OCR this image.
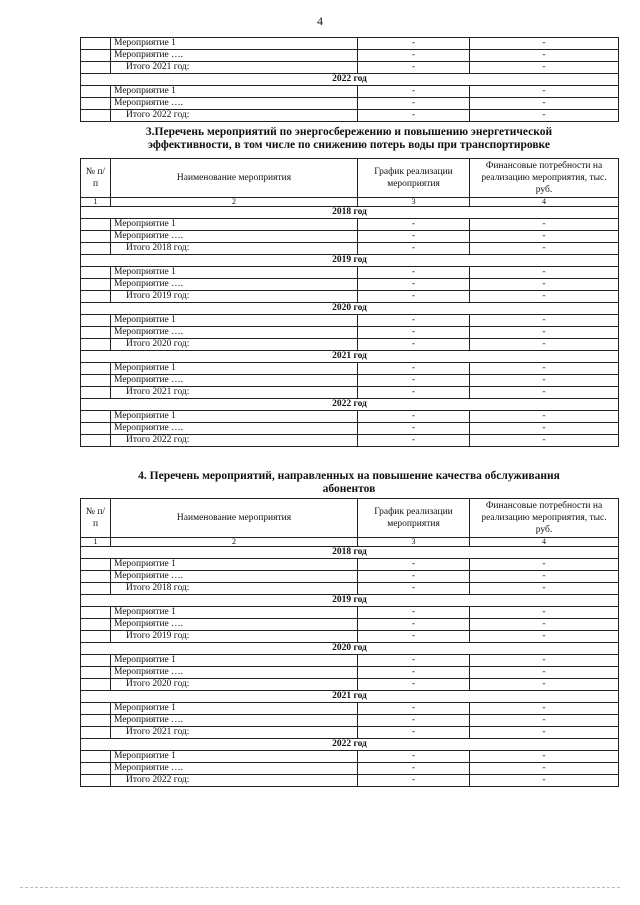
4
	Мероприятие 1	-	-
	Мероприятие ….	-	-
	Итого 2021 год:	-	-
2022 год			
	Мероприятие 1	-	-
	Мероприятие ….	-	-
	Итого 2022 год:	-	-
3.Перечень мероприятий по энергосбережению и повышению энергетической
эффективности, в том числе по снижению потерь воды при транспортировке
№ п/п	Наименование мероприятия	График реализации мероприятия	Финансовые потребности на реализацию мероприятия, тыс. руб.
1	2	3	4
2018 год			
	Мероприятие 1	-	-
	Мероприятие ….	-	-
	Итого 2018 год:	-	-
2019 год			
	Мероприятие 1	-	-
	Мероприятие ….	-	-
	Итого 2019 год:	-	-
2020 год			
	Мероприятие 1	-	-
	Мероприятие ….	-	-
	Итого 2020 год:	-	-
2021 год			
	Мероприятие 1	-	-
	Мероприятие ….	-	-
	Итого 2021 год:	-	-
2022 год			
	Мероприятие 1	-	-
	Мероприятие ….	-	-
	Итого 2022 год:	-	-
4. Перечень мероприятий, направленных на повышение качества обслуживания
абонентов
№ п/п	Наименование мероприятия	График реализации мероприятия	Финансовые потребности на реализацию мероприятия, тыс. руб.
1	2	3	4
2018 год			
	Мероприятие 1	-	-
	Мероприятие ….	-	-
	Итого 2018 год:	-	-
2019 год			
	Мероприятие 1	-	-
	Мероприятие ….	-	-
	Итого 2019 год:	-	-
2020 год			
	Мероприятие 1	-	-
	Мероприятие ….	-	-
	Итого 2020 год:	-	-
2021 год			
	Мероприятие 1	-	-
	Мероприятие ….	-	-
	Итого 2021 год:	-	-
2022 год			
	Мероприятие 1	-	-
	Мероприятие ….	-	-
	Итого 2022 год:	-	-
